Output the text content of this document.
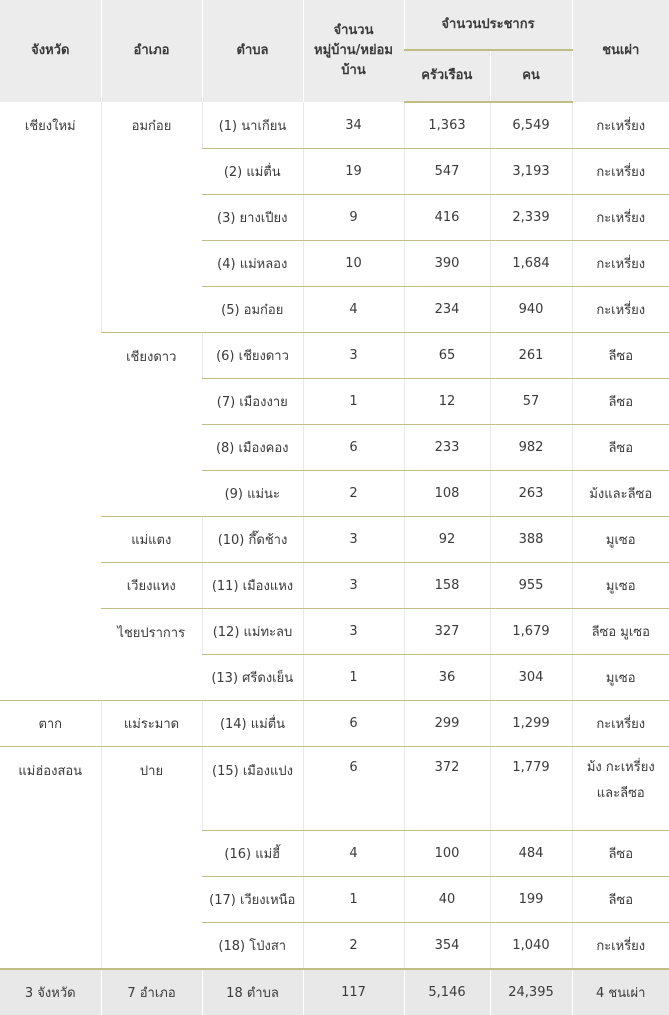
จังหวัด	อำเภอ	ตำบล	จำนวน
หมู่บ้าน/หย่อม
บ้าน	จำนวนประชากร		ชนเผ่า
				ครัวเรือน	คน	
เชียงใหม่	อมก๋อย	(1) นาเกียน	34	1,363	6,549	กะเหรี่ยง
		(2) แม่ตื่น	19	547	3,193	กะเหรี่ยง
		(3) ยางเปียง	9	416	2,339	กะเหรี่ยง
		(4) แม่หลอง	10	390	1,684	กะเหรี่ยง
		(5) อมก๋อย	4	234	940	กะเหรี่ยง
	เชียงดาว	(6) เชียงดาว	3	65	261	ลีซอ
		(7) เมืองงาย	1	12	57	ลีซอ
		(8) เมืองคอง	6	233	982	ลีซอ
		(9) แม่นะ	2	108	263	ม้งและลีซอ
	แม่แตง	(10) กึ๊ดช้าง	3	92	388	มูเซอ
	เวียงแหง	(11) เมืองแหง	3	158	955	มูเซอ
	ไชยปราการ	(12) แม่ทะลบ	3	327	1,679	ลีซอ มูเซอ
		(13) ศรีดงเย็น	1	36	304	มูเซอ
ตาก	แม่ระมาด	(14) แม่ตื่น	6	299	1,299	กะเหรี่ยง
แม่ฮ่องสอน	ปาย	(15) เมืองแปง	6	372	1,779	ม้ง กะเหรี่ยง
และลีซอ
		(16) แม่ฮี้	4	100	484	ลีซอ
		(17) เวียงเหนือ	1	40	199	ลีซอ
		(18) โป่งสา	2	354	1,040	กะเหรี่ยง
3 จังหวัด	7 อำเภอ	18 ตำบล	117	5,146	24,395	4 ชนเผ่า
